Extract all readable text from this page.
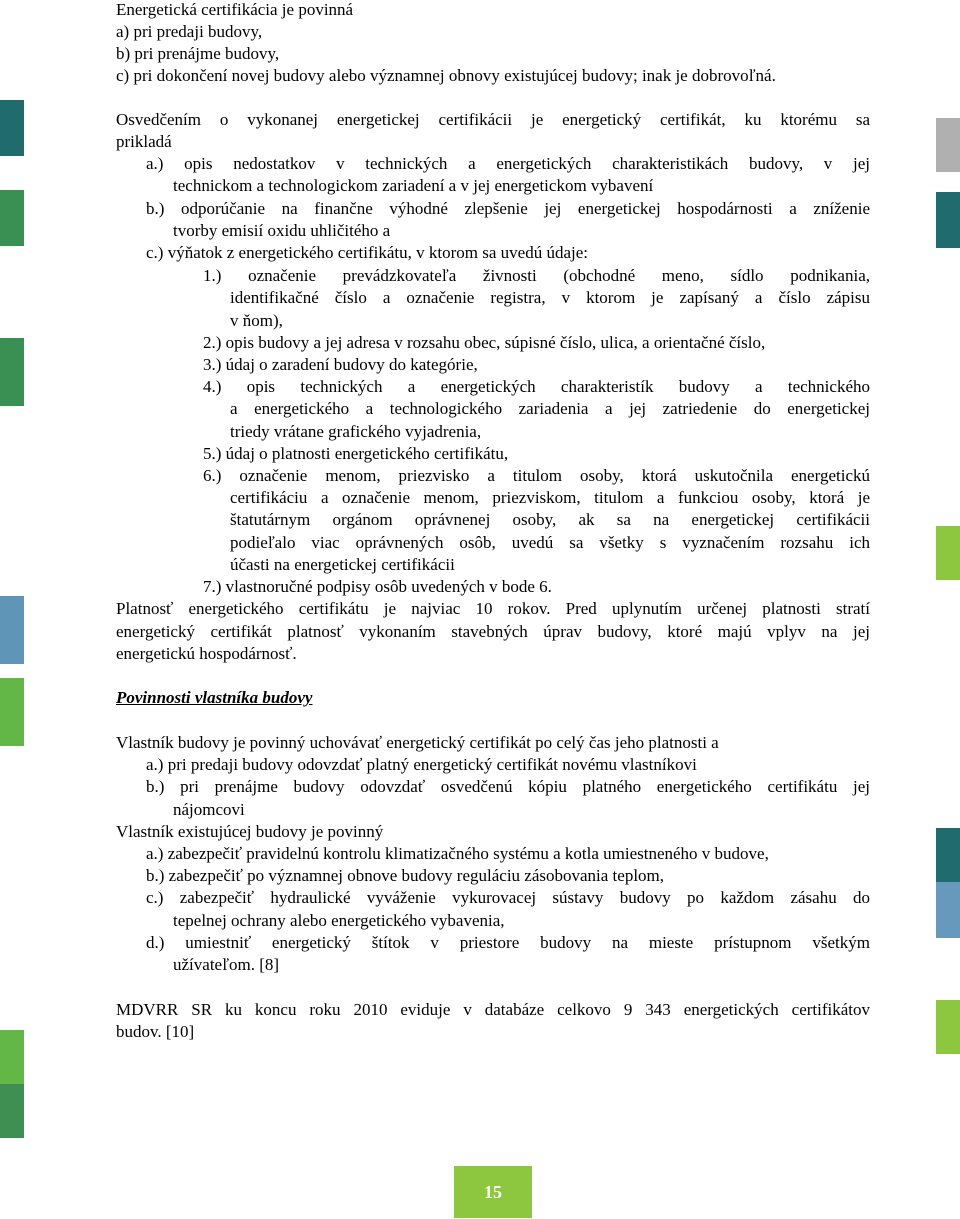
Energetická certifikácia je povinná
a) pri predaji budovy,
b) pri prenájme budovy,
c) pri dokončení novej budovy alebo významnej obnovy existujúcej budovy; inak je dobrovoľná.
Osvedčením o vykonanej energetickej certifikácii je energetický certifikát, ku ktorému sa
prikladá
a.) opis nedostatkov v technických a energetických charakteristikách budovy, v jej
technickom a technologickom zariadení a v jej energetickom vybavení
b.) odporúčanie na finančne výhodné zlepšenie jej energetickej hospodárnosti a zníženie
tvorby emisií oxidu uhličitého a
c.) výňatok z energetického certifikátu, v ktorom sa uvedú údaje:
1.) označenie prevádzkovateľa živnosti (obchodné meno, sídlo podnikania,
identifikačné číslo a označenie registra, v ktorom je zapísaný a číslo zápisu
v ňom),
2.) opis budovy a jej adresa v rozsahu obec, súpisné číslo, ulica, a orientačné číslo,
3.) údaj o zaradení budovy do kategórie,
4.) opis technických a energetických charakteristík budovy a technického
a energetického a technologického zariadenia a jej zatriedenie do energetickej
triedy vrátane grafického vyjadrenia,
5.) údaj o platnosti energetického certifikátu,
6.) označenie menom, priezvisko a titulom osoby, ktorá uskutočnila energetickú
certifikáciu a označenie menom, priezviskom, titulom a funkciou osoby, ktorá je
štatutárnym orgánom oprávnenej osoby, ak sa na energetickej certifikácii
podieľalo viac oprávnených osôb, uvedú sa všetky s vyznačením rozsahu ich
účasti na energetickej certifikácii
7.) vlastnoručné podpisy osôb uvedených v bode 6.
Platnosť energetického certifikátu je najviac 10 rokov. Pred uplynutím určenej platnosti stratí
energetický certifikát platnosť vykonaním stavebných úprav budovy, ktoré majú vplyv na jej
energetickú hospodárnosť.
Povinnosti vlastníka budovy
Vlastník budovy je povinný uchovávať energetický certifikát po celý čas jeho platnosti a
a.) pri predaji budovy odovzdať platný energetický certifikát novému vlastníkovi
b.) pri prenájme budovy odovzdať osvedčenú kópiu platného energetického certifikátu jej
nájomcovi
Vlastník existujúcej budovy je povinný
a.) zabezpečiť pravidelnú kontrolu klimatizačného systému a kotla umiestneného v budove,
b.) zabezpečiť po významnej obnove budovy reguláciu zásobovania teplom,
c.) zabezpečiť hydraulické vyváženie vykurovacej sústavy budovy po každom zásahu do
tepelnej ochrany alebo energetického vybavenia,
d.) umiestniť energetický štítok v priestore budovy na mieste prístupnom všetkým
užívateľom. [8]
MDVRR SR ku koncu roku 2010 eviduje v databáze celkovo 9 343 energetických certifikátov
budov. [10]
15
